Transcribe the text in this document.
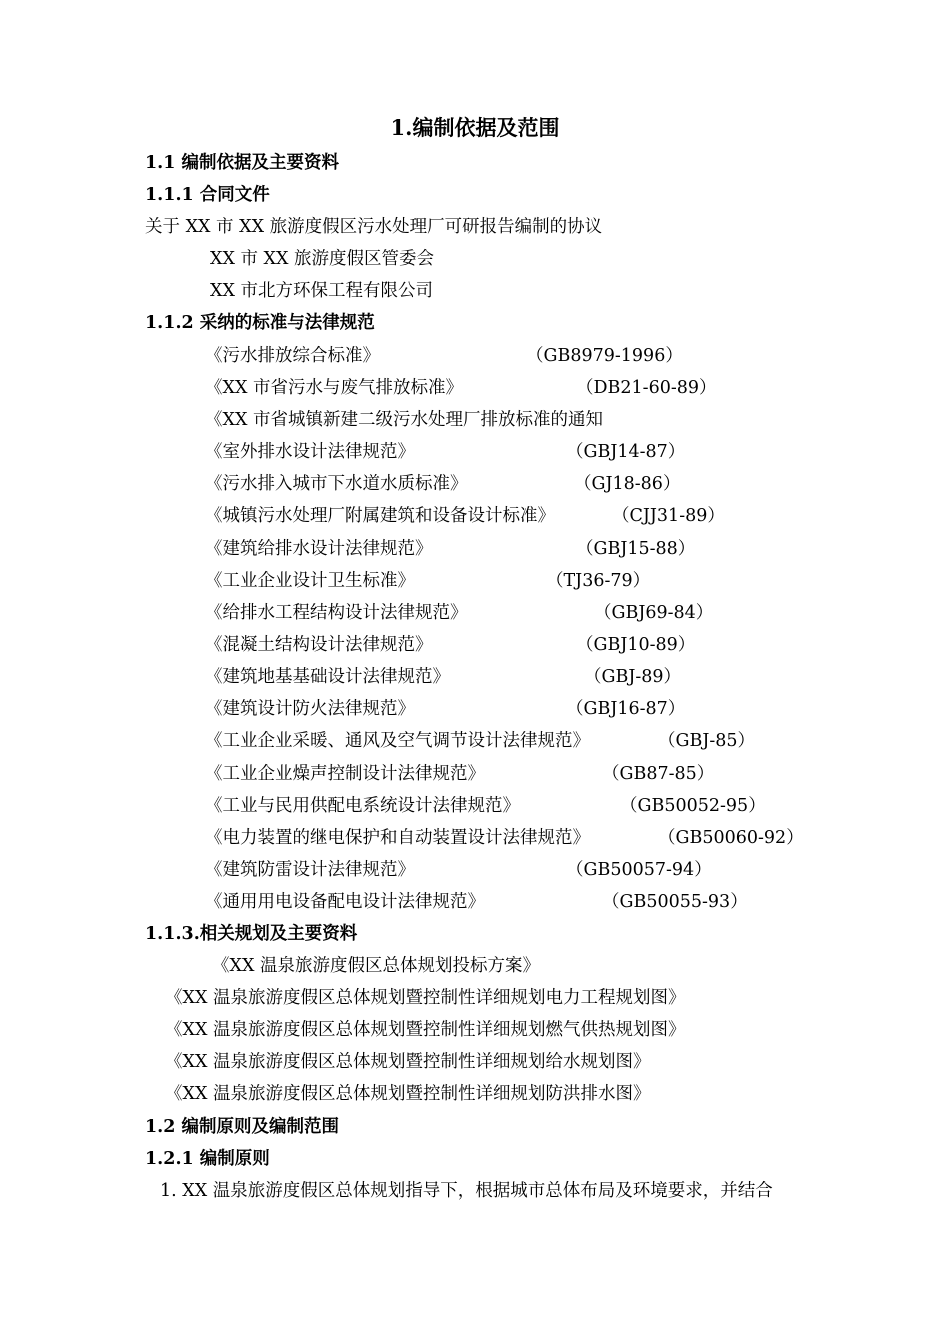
1.编制依据及范围
1.1 编制依据及主要资料
1.1.1 合同文件
关于 XX 市 XX 旅游度假区污水处理厂可研报告编制的协议
XX 市 XX 旅游度假区管委会
XX 市北方环保工程有限公司
1.1.2 采纳的标准与法律规范
《污水排放综合标准》	（GB8979-1996）
《XX 市省污水与废气排放标准》	（DB21-60-89）
《XX 市省城镇新建二级污水处理厂排放标准的通知
《室外排水设计法律规范》	（GBJ14-87）
《污水排入城市下水道水质标准》	（GJ18-86）
《城镇污水处理厂附属建筑和设备设计标准》	（CJJ31-89）
《建筑给排水设计法律规范》	（GBJ15-88）
《工业企业设计卫生标准》	（TJ36-79）
《给排水工程结构设计法律规范》	（GBJ69-84）
《混凝土结构设计法律规范》	（GBJ10-89）
《建筑地基基础设计法律规范》	（GBJ-89）
《建筑设计防火法律规范》	（GBJ16-87）
《工业企业采暖、通风及空气调节设计法律规范》	（GBJ-85）
《工业企业燥声控制设计法律规范》	（GB87-85）
《工业与民用供配电系统设计法律规范》	（GB50052-95）
《电力装置的继电保护和自动装置设计法律规范》	（GB50060-92）
《建筑防雷设计法律规范》	（GB50057-94）
《通用用电设备配电设计法律规范》	（GB50055-93）
1.1.3.相关规划及主要资料
《XX 温泉旅游度假区总体规划投标方案》
《XX 温泉旅游度假区总体规划暨控制性详细规划电力工程规划图》
《XX 温泉旅游度假区总体规划暨控制性详细规划燃气供热规划图》
《XX 温泉旅游度假区总体规划暨控制性详细规划给水规划图》
《XX 温泉旅游度假区总体规划暨控制性详细规划防洪排水图》
1.2 编制原则及编制范围
1.2.1 编制原则
1. XX 温泉旅游度假区总体规划指导下，根据城市总体布局及环境要求，并结合
